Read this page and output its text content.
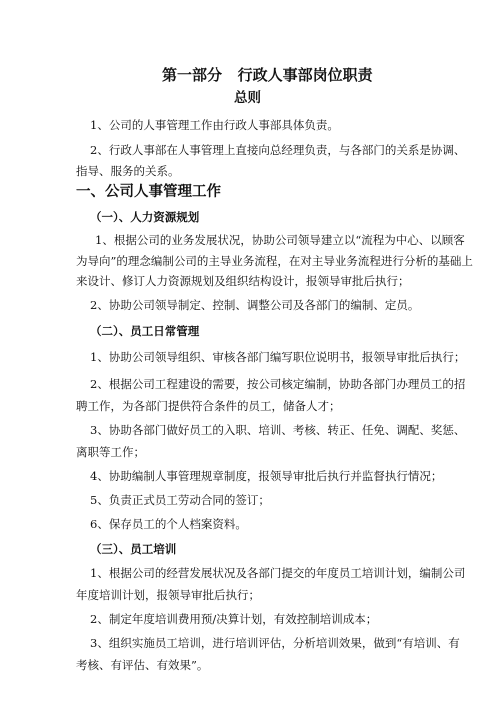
第一部分   行政人事部岗位职责
总则
1、公司的人事管理工作由行政人事部具体负责。
2、行政人事部在人事管理上直接向总经理负责，与各部门的关系是协调、
指导、服务的关系。
一、公司人事管理工作
（一）、人力资源规划
1、根据公司的业务发展状况，协助公司领导建立以“流程为中心、以顾客
为导向”的理念编制公司的主导业务流程，在对主导业务流程进行分析的基础上
来设计、修订人力资源规划及组织结构设计，报领导审批后执行；
2、协助公司领导制定、控制、调整公司及各部门的编制、定员。
（二）、员工日常管理
1、协助公司领导组织、审核各部门编写职位说明书，报领导审批后执行；
2、根据公司工程建设的需要，按公司核定编制，协助各部门办理员工的招
聘工作，为各部门提供符合条件的员工，储备人才；
3、协助各部门做好员工的入职、培训、考核、转正、任免、调配、奖惩、
离职等工作；
4、协助编制人事管理规章制度，报领导审批后执行并监督执行情况；
5、负责正式员工劳动合同的签订；
6、保存员工的个人档案资料。
（三）、员工培训
1、根据公司的经营发展状况及各部门提交的年度员工培训计划，编制公司
年度培训计划，报领导审批后执行；
2、制定年度培训费用预/决算计划，有效控制培训成本；
3、组织实施员工培训，进行培训评估，分析培训效果，做到“有培训、有
考核、有评估、有效果”。
